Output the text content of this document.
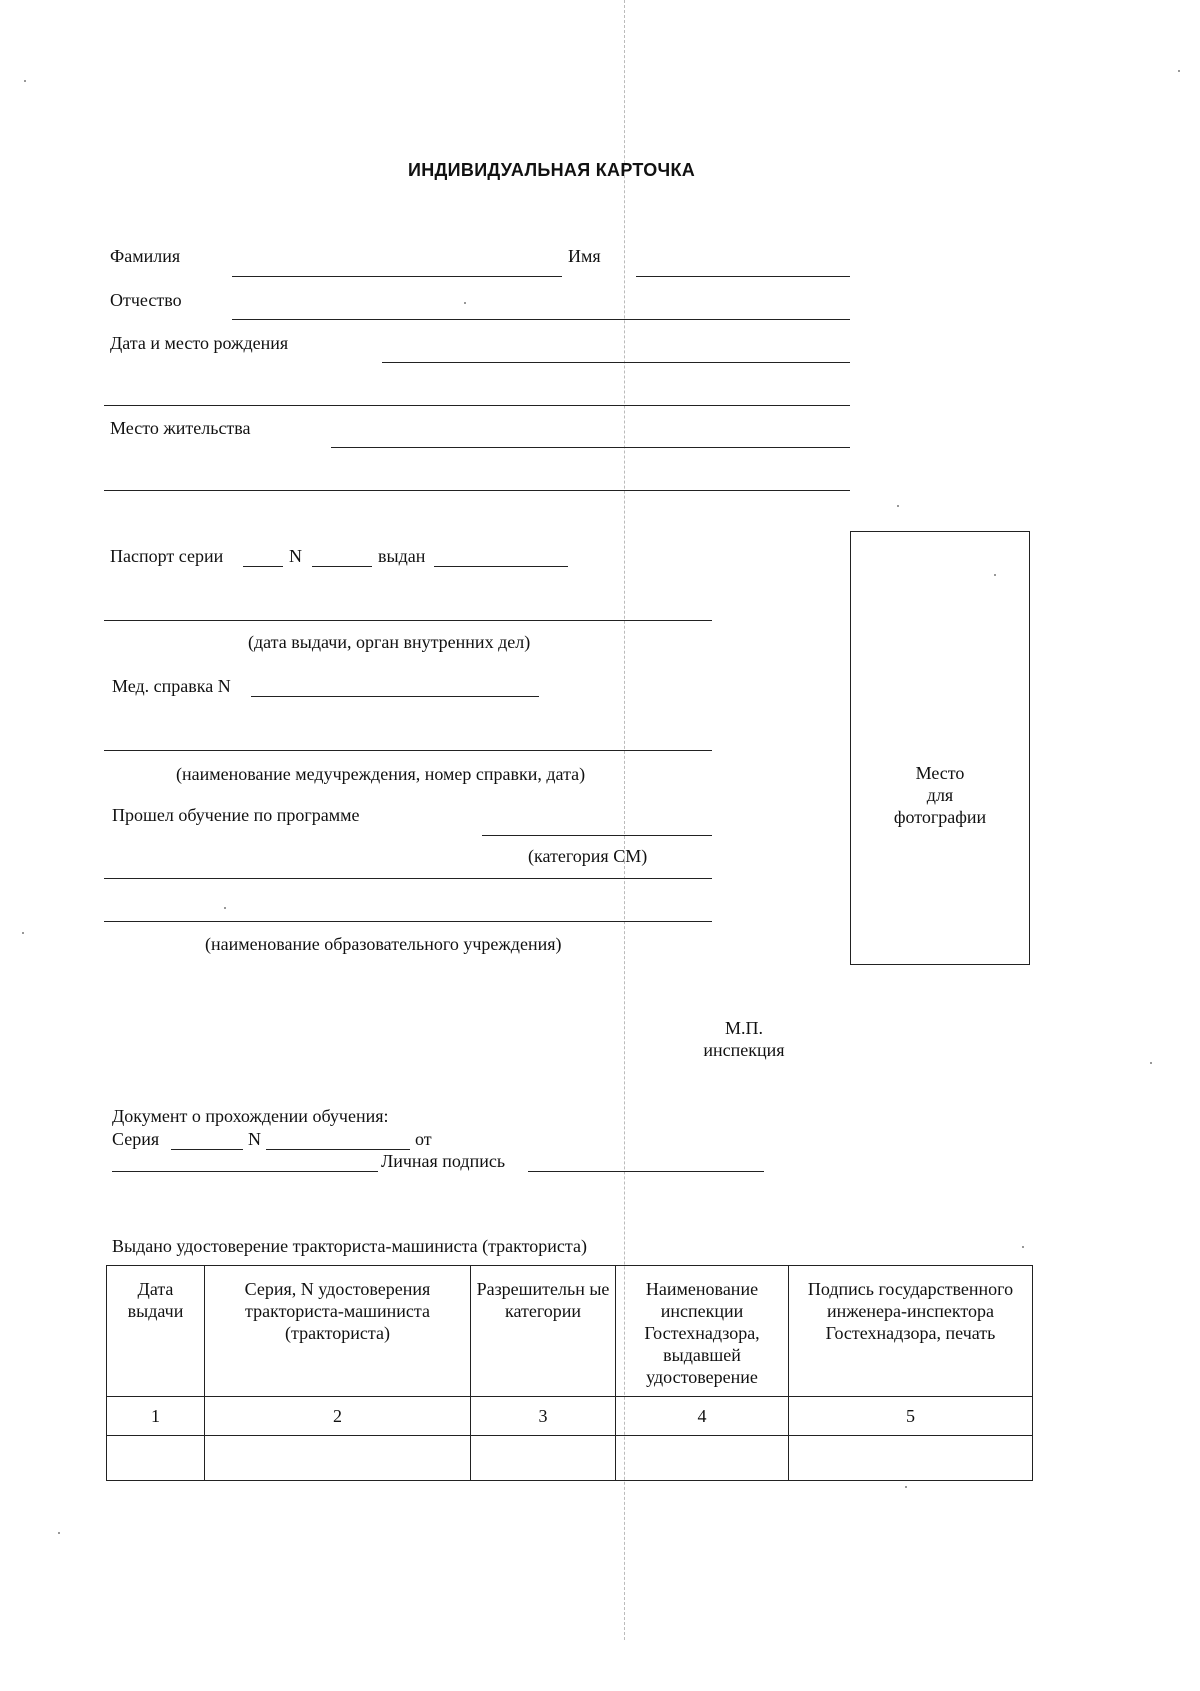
ИНДИВИДУАЛЬНАЯ КАРТОЧКА
Фамилия	Имя
Отчество
Дата и место рождения
Место жительства
Паспорт серии	N	выдан
(дата выдачи, орган внутренних дел)
Мед. справка N
(наименование медучреждения, номер справки, дата)
Прошел обучение по программе
(категория СМ)
(наименование образовательного учреждения)
Место
для
фотографии
М.П.
инспекция
Документ о прохождении обучения:
Серия	N	от
Личная подпись
Выдано удостоверение тракториста-машиниста (тракториста)
Дата выдачи	Серия, N удостоверения тракториста-машиниста (тракториста)	Разрешительн ые категории	Наименование инспекции Гостехнадзора, выдавшей удостоверение	Подпись государственного инженера-инспектора Гостехнадзора, печать
1	2	3	4	5
